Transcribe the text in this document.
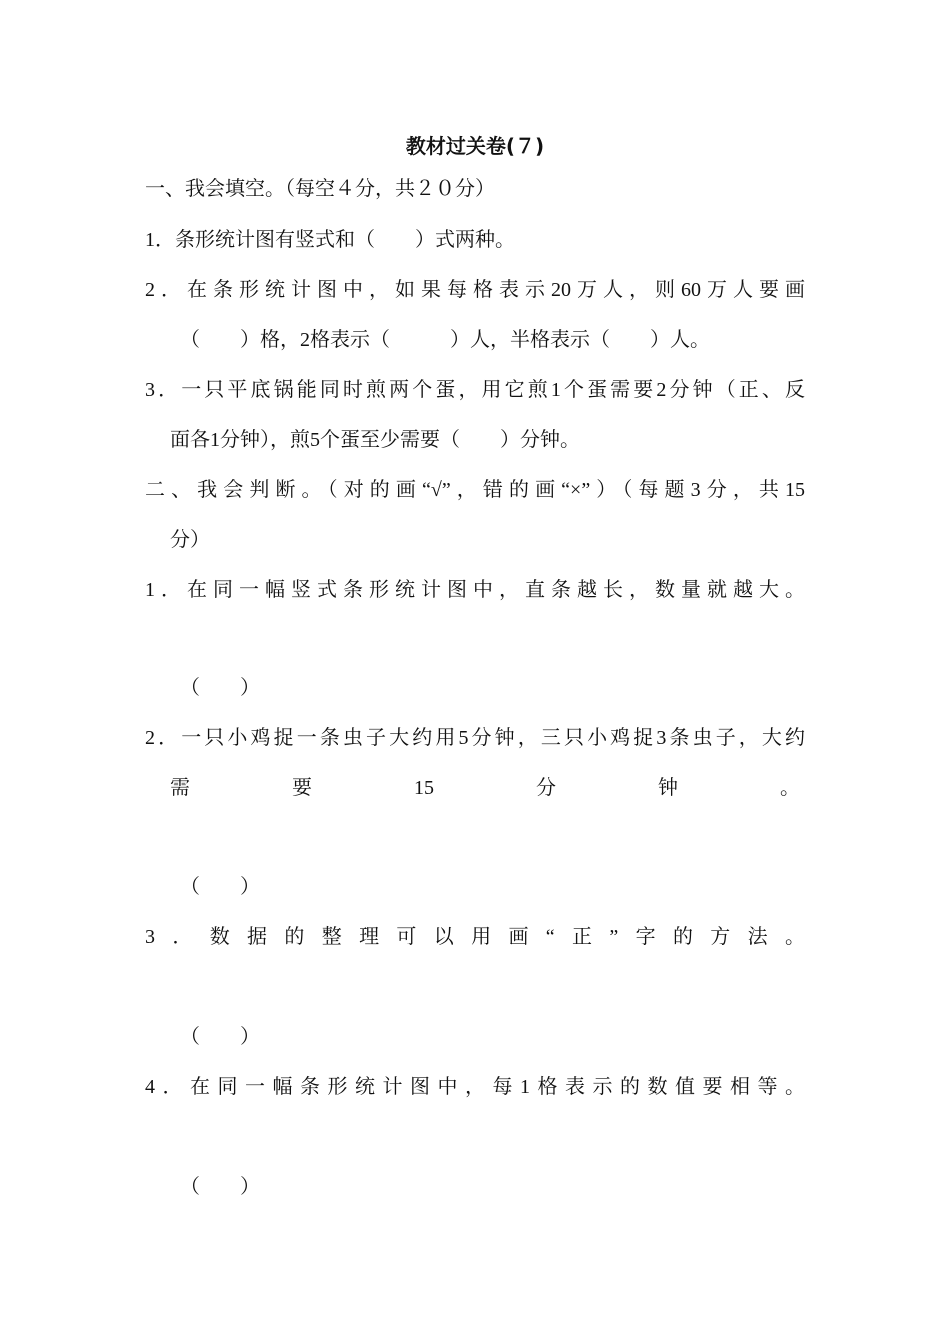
教材过关卷(７)
一、我会填空。（每空４分，共２０分）
1．条形统计图有竖式和（　　）式两种。
2．在条形统计图中，如果每格表示20万人，则60万人要画
（　　）格，2格表示（　　　）人，半格表示（　　）人。
3．一只平底锅能同时煎两个蛋，用它煎1个蛋需要2分钟（正、反
面各1分钟），煎5个蛋至少需要（　　）分钟。
二、我会判断。（对的画“√”，错的画“×”）（每题3分，共15
分）
1．在同一幅竖式条形统计图中，直条越长，数量就越大。
（　　）
2．一只小鸡捉一条虫子大约用5分钟，三只小鸡捉3条虫子，大约
需	要	15	分	钟	。
（　　）
3．数据的整理可以用画“正”字的方法。
（　　）
4．在同一幅条形统计图中，每1格表示的数值要相等。
（　　）
